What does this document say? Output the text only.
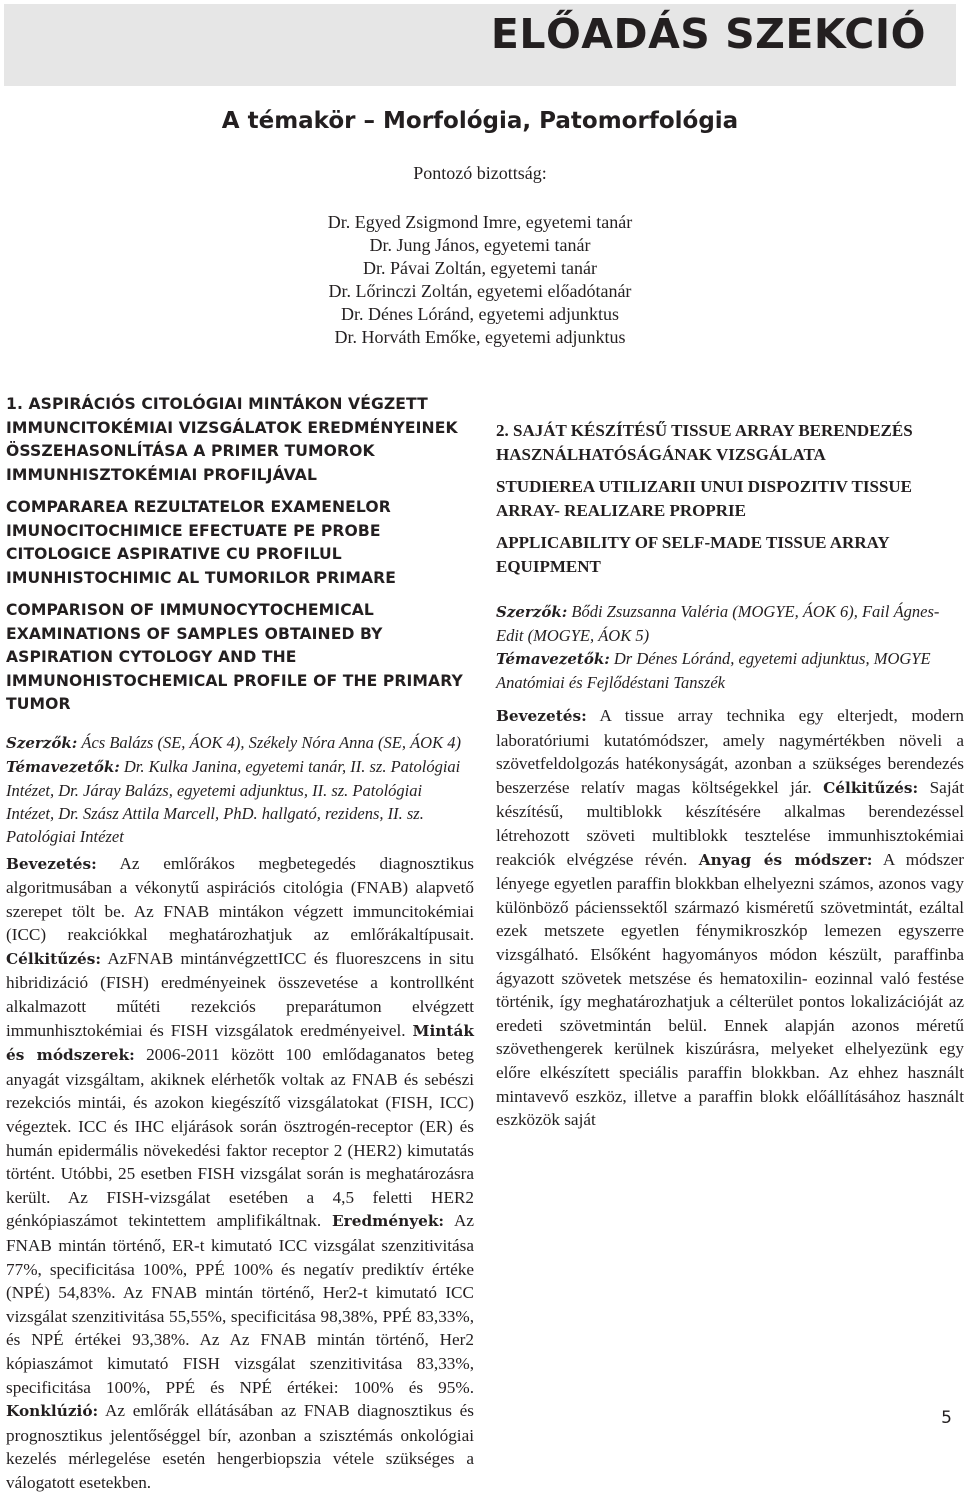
ELŐADÁS SZEKCIÓ
A témakör – Morfológia, Patomorfológia
Pontozó bizottság:
Dr. Egyed Zsigmond Imre, egyetemi tanár
Dr. Jung János, egyetemi tanár
Dr. Pávai Zoltán, egyetemi tanár
Dr. Lőrinczi Zoltán, egyetemi előadótanár
Dr. Dénes Lóránd, egyetemi adjunktus
Dr. Horváth Emőke, egyetemi adjunktus
1. ASPIRÁCIÓS CITOLÓGIAI MINTÁKON VÉGZETT IMMUNCITOKÉMIAI VIZSGÁLATOK EREDMÉNYEINEK ÖSSZEHASONLÍTÁSA A PRIMER TUMOROK IMMUNHISZTOKÉMIAI PROFILJÁVAL
COMPARAREA REZULTATELOR EXAMENELOR IMUNOCITOCHIMICE EFECTUATE PE PROBE CITOLOGICE ASPIRATIVE CU PROFILUL IMUNHISTOCHIMIC AL TUMORILOR PRIMARE
COMPARISON OF IMMUNOCYTOCHEMICAL EXAMINATIONS OF SAMPLES OBTAINED BY ASPIRATION CYTOLOGY AND THE IMMUNOHISTOCHEMICAL PROFILE OF THE PRIMARY TUMOR
Szerzők: Ács Balázs (SE, ÁOK 4), Székely Nóra Anna (SE, ÁOK 4)
Témavezetők: Dr. Kulka Janina, egyetemi tanár, II. sz. Patológiai Intézet, Dr. Járay Balázs, egyetemi adjunktus, II. sz. Patológiai Intézet, Dr. Szász Attila Marcell, PhD. hallgató, rezidens, II. sz. Patológiai Intézet
Bevezetés: Az emlőrákos megbetegedés diagnosztikus algoritmusában a vékonytű aspirációs citológia (FNAB) alapvető szerepet tölt be. Az FNAB mintákon végzett immuncitokémiai (ICC) reakciókkal meghatározhatjuk az emlőrákaltípusait. Célkitűzés: AzFNAB mintánvégzettICC és fluoreszcens in situ hibridizáció (FISH) eredményeinek összevetése a kontrollként alkalmazott műtéti rezekciós preparátumon elvégzett immunhisztokémiai és FISH vizsgálatok eredményeivel. Minták és módszerek: 2006-2011 között 100 emlődaganatos beteg anyagát vizsgáltam, akiknek elérhetők voltak az FNAB és sebészi rezekciós mintái, és azokon kiegészítő vizsgálatokat (FISH, ICC) végeztek. ICC és IHC eljárások során ösztrogén-receptor (ER) és humán epidermális növekedési faktor receptor 2 (HER2) kimutatás történt. Utóbbi, 25 esetben FISH vizsgálat során is meghatározásra került. Az FISH-vizsgálat esetében a 4,5 feletti HER2 génkópiaszámot tekintettem amplifikáltnak. Eredmények: Az FNAB mintán történő, ER-t kimutató ICC vizsgálat szenzitivitása 77%, specificitása 100%, PPÉ 100% és negatív prediktív értéke (NPÉ) 54,83%. Az FNAB mintán történő, Her2-t kimutató ICC vizsgálat szenzitivitása 55,55%, specificitása 98,38%, PPÉ 83,33%, és NPÉ értékei 93,38%. Az Az FNAB mintán történő, Her2 kópiaszámot kimutató FISH vizsgálat szenzitivitása 83,33%, specificitása 100%, PPÉ és NPÉ értékei: 100% és 95%. Konklúzió: Az emlőrák ellátásában az FNAB diagnosztikus és prognosztikus jelentőséggel bír, azonban a szisztémás onkológiai kezelés mérlegelése esetén hengerbiopszia vétele szükséges a válogatott esetekben.
2. SAJÁT KÉSZÍTÉSŰ TISSUE ARRAY BERENDEZÉS HASZNÁLHATÓSÁGÁNAK VIZSGÁLATA
STUDIEREA UTILIZARII UNUI DISPOZITIV TISSUE ARRAY- REALIZARE PROPRIE
APPLICABILITY OF SELF-MADE TISSUE ARRAY EQUIPMENT
Szerzők: Bődi Zsuzsanna Valéria (MOGYE, ÁOK 6), Fail Ágnes-Edit (MOGYE, ÁOK 5)
Témavezetők: Dr Dénes Lóránd, egyetemi adjunktus, MOGYE Anatómiai és Fejlődéstani Tanszék
Bevezetés: A tissue array technika egy elterjedt, modern laboratóriumi kutatómódszer, amely nagymértékben növeli a szövetfeldolgozás hatékonyságát, azonban a szükséges berendezés beszerzése relatív magas költségekkel jár. Célkitűzés: Saját készítésű, multiblokk készítésére alkalmas berendezéssel létrehozott szöveti multiblokk tesztelése immunhisztokémiai reakciók elvégzése révén. Anyag és módszer: A módszer lényege egyetlen paraffin blokkban elhelyezni számos, azonos vagy különböző pácienssektől származó kisméretű szövetmintát, ezáltal ezek metszete egyetlen fénymikroszkóp lemezen egyszerre vizsgálható. Elsőként hagyományos módon készült, paraffinba ágyazott szövetek metszése és hematoxilin- eozinnal való festése történik, így meghatározhatjuk a célterület pontos lokalizációját az eredeti szövetmintán belül. Ennek alapján azonos méretű szövethengerek kerülnek kiszúrásra, melyeket elhelyezünk egy előre elkészített speciális paraffin blokkban. Az ehhez használt mintavevő eszköz, illetve a paraffin blokk előállításához használt eszközök saját
5
